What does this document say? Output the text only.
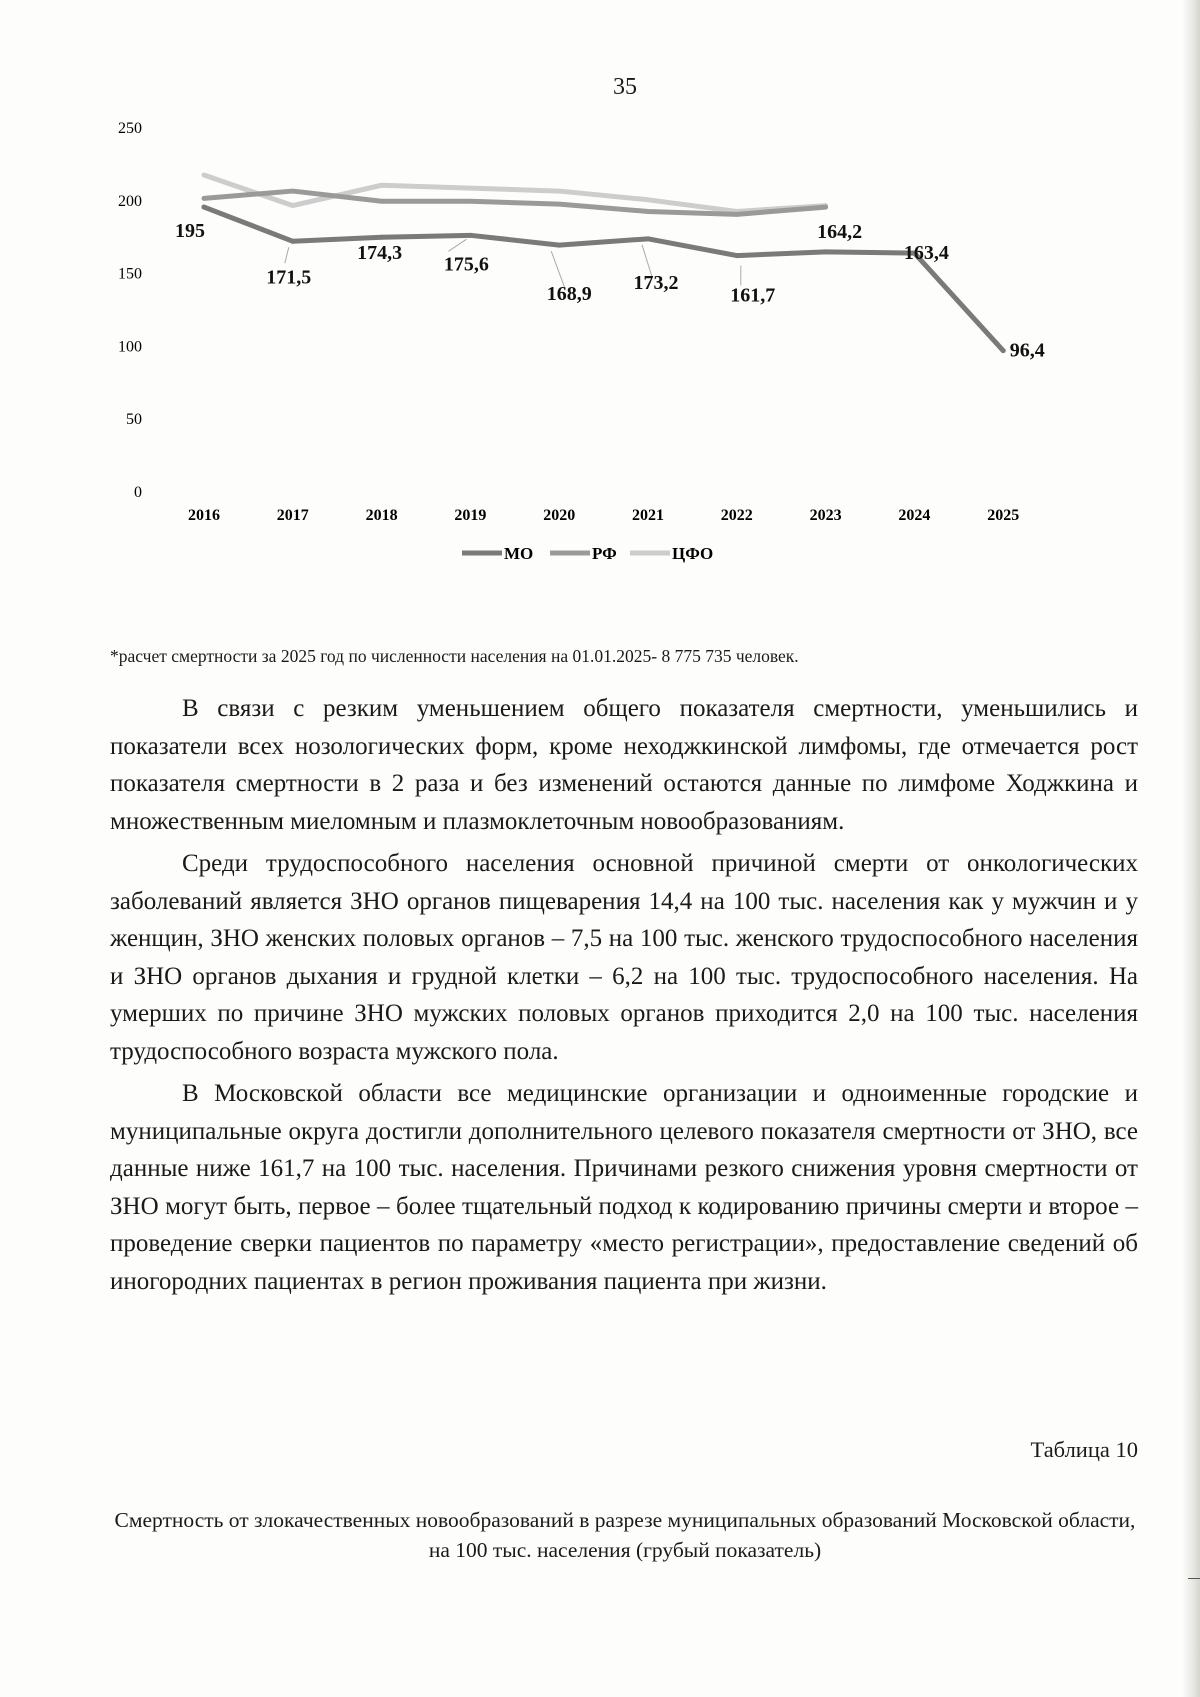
35
0
50
100
150
200
250
2016	2017	2018	2019	2020	2021	2022	2023	2024	2025
195
171,5
174,3
175,6
168,9
173,2
161,7
164,2
163,4
96,4
МО	РФ	ЦФО
*расчет смертности за 2025 год по численности населения на 01.01.2025- 8 775 735 человек.

В связи с резким уменьшением общего показателя смертности, уменьшились и показатели всех нозологических форм, кроме неходжкинской лимфомы, где отмечается рост показателя смертности в 2 раза и без изменений остаются данные по лимфоме Ходжкина и множественным миеломным и плазмоклеточным новообразованиям.

Среди трудоспособного населения основной причиной смерти от онкологических заболеваний является ЗНО органов пищеварения 14,4 на 100 тыс. населения как у мужчин и у женщин, ЗНО женских половых органов – 7,5 на 100 тыс. женского трудоспособного населения и ЗНО органов дыхания и грудной клетки – 6,2 на 100 тыс. трудоспособного населения. На умерших по причине ЗНО мужских половых органов приходится 2,0 на 100 тыс. населения трудоспособного возраста мужского пола.

В Московской области все медицинские организации и одноименные городские и муниципальные округа достигли дополнительного целевого показателя смертности от ЗНО, все данные ниже 161,7 на 100 тыс. населения. Причинами резкого снижения уровня смертности от ЗНО могут быть, первое – более тщательный подход к кодированию причины смерти и второе – проведение сверки пациентов по параметру «место регистрации», предоставление сведений об иногородних пациентах в регион проживания пациента при жизни.

Таблица 10
Смертность от злокачественных новообразований в разрезе муниципальных образований Московской области, на 100 тыс. населения (грубый показатель)
